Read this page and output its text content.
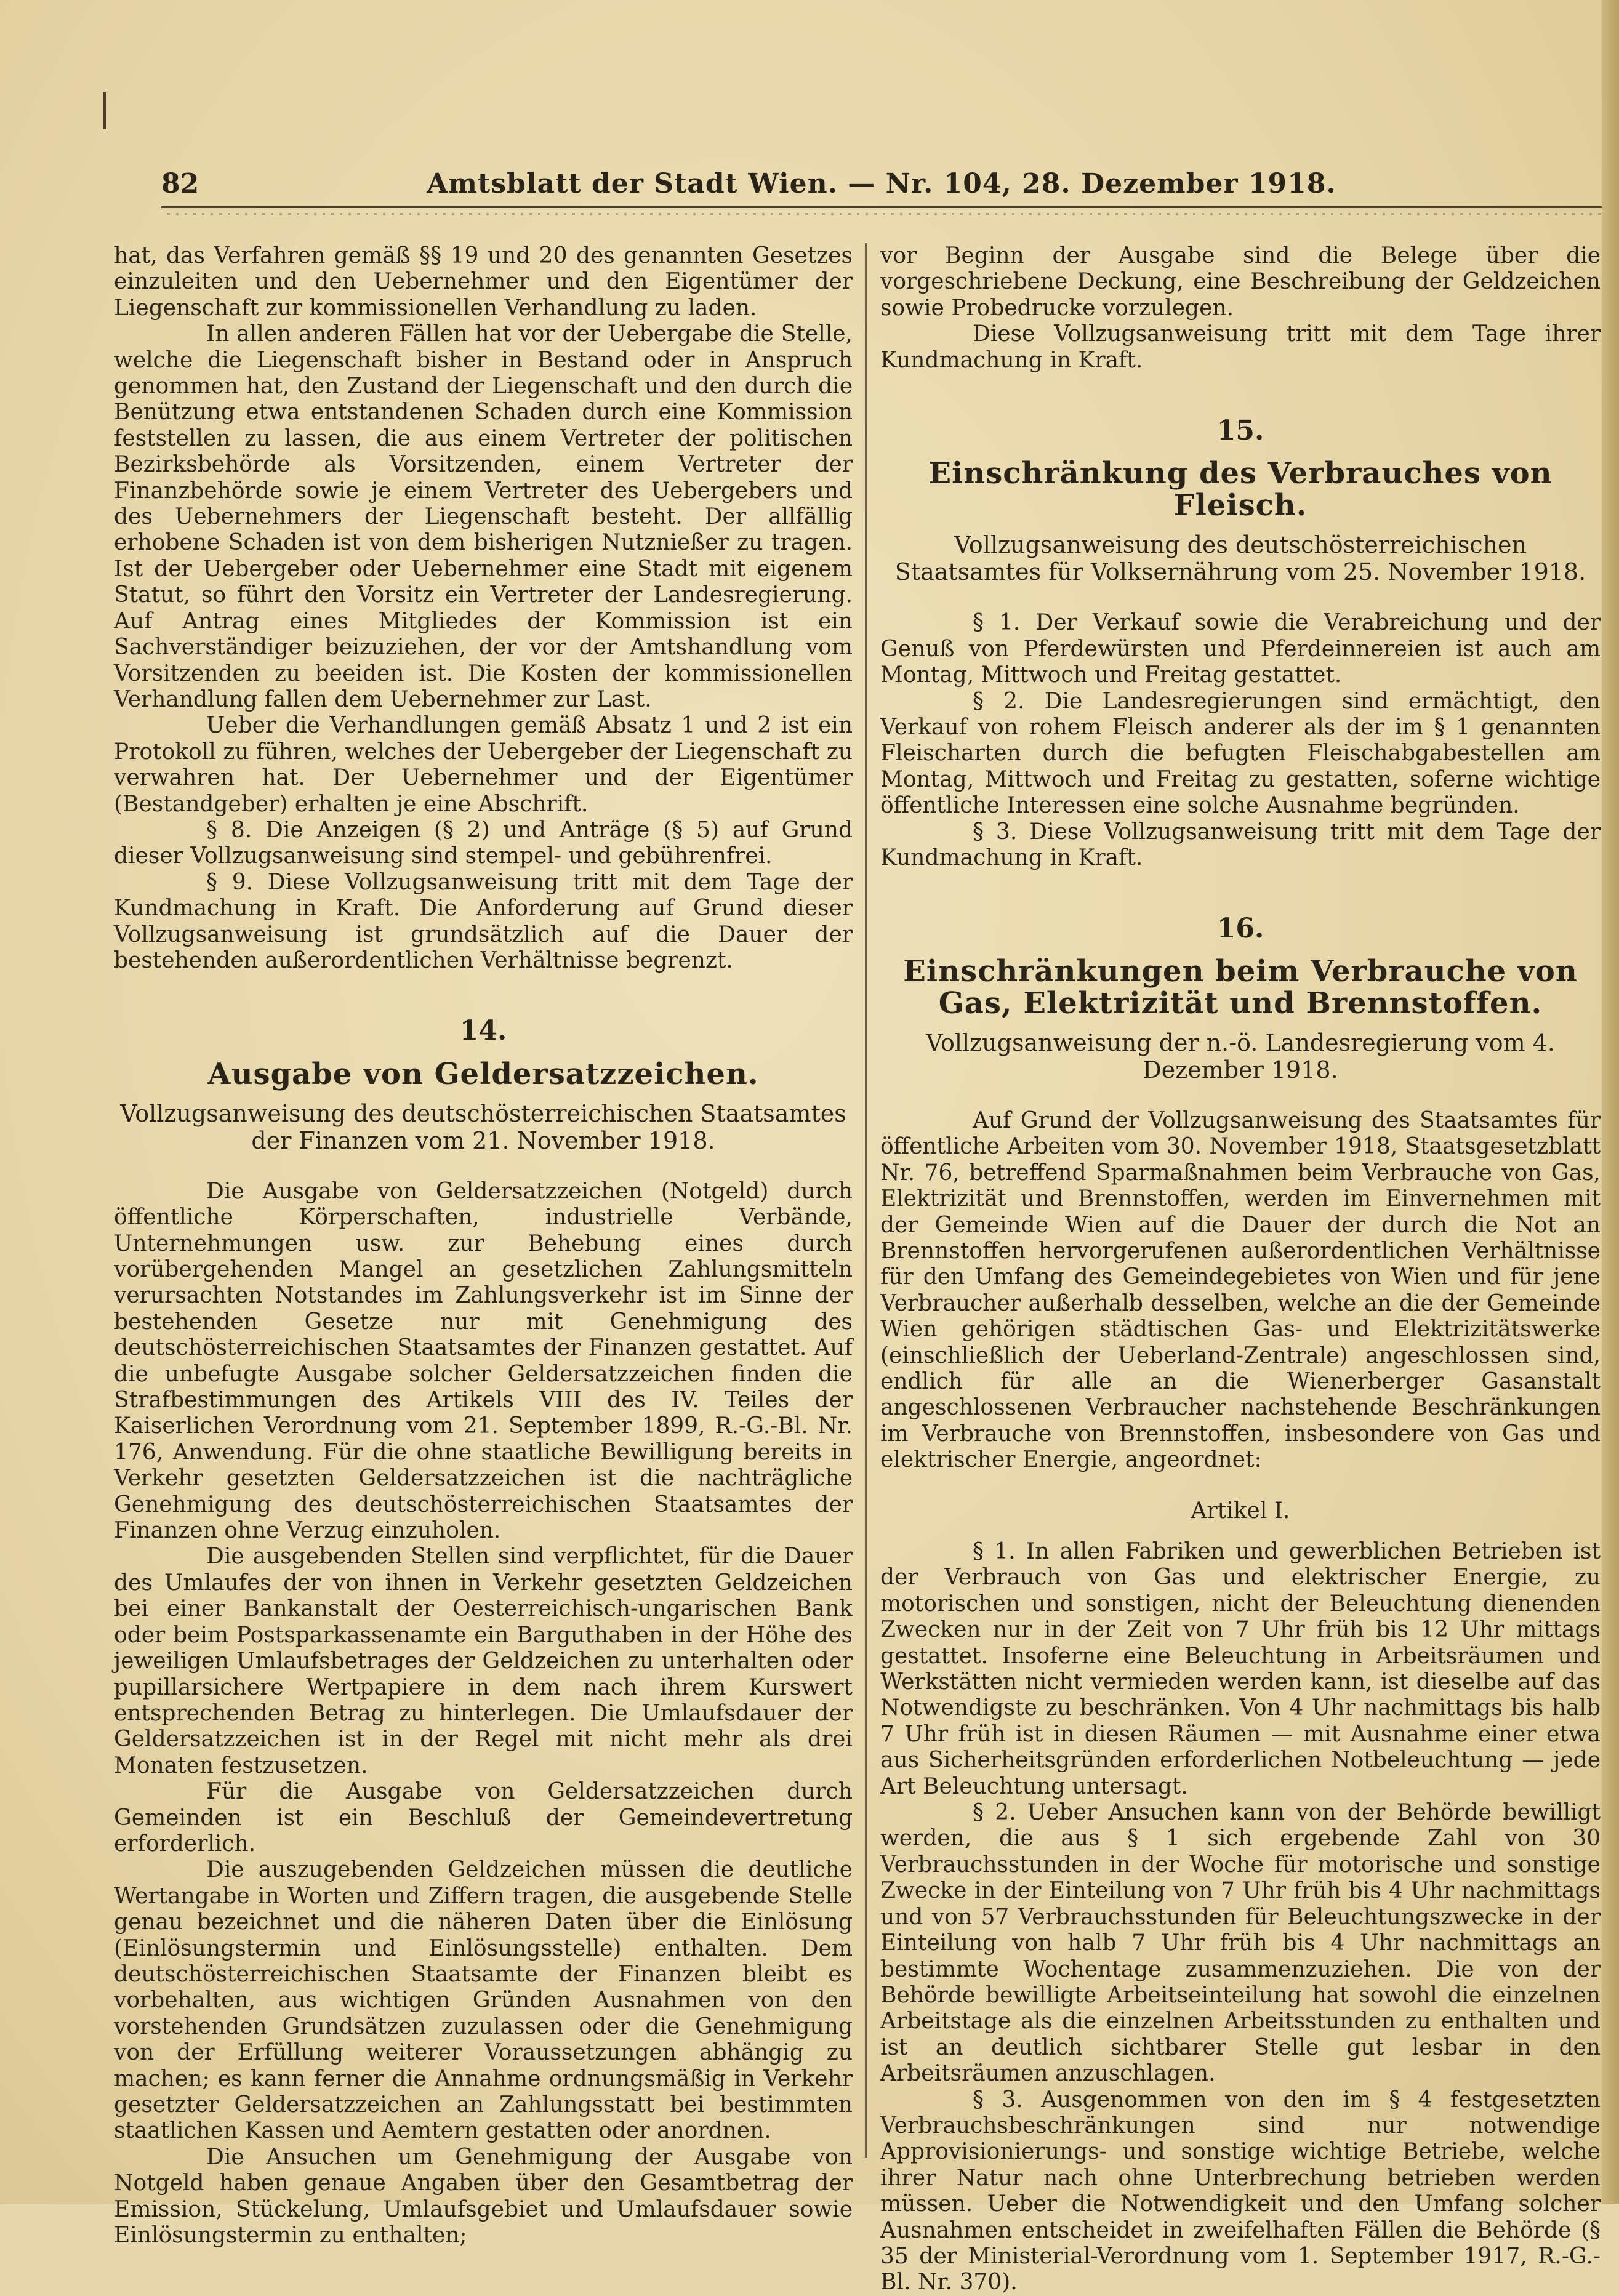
82	Amtsblatt der Stadt Wien. — Nr. 104, 28. Dezember 1918.

hat, das Verfahren gemäß §§ 19 und 20 des genannten Gesetzes einzuleiten und den Uebernehmer und den Eigentümer der Liegenschaft zur kommissionellen Verhandlung zu laden.

In allen anderen Fällen hat vor der Uebergabe die Stelle, welche die Liegenschaft bisher in Bestand oder in Anspruch genommen hat, den Zustand der Liegenschaft und den durch die Benützung etwa entstandenen Schaden durch eine Kommission feststellen zu lassen, die aus einem Vertreter der politischen Bezirksbehörde als Vorsitzenden, einem Vertreter der Finanzbehörde sowie je einem Vertreter des Uebergebers und des Uebernehmers der Liegenschaft besteht. Der allfällig erhobene Schaden ist von dem bisherigen Nutznießer zu tragen. Ist der Uebergeber oder Uebernehmer eine Stadt mit eigenem Statut, so führt den Vorsitz ein Vertreter der Landesregierung. Auf Antrag eines Mitgliedes der Kommission ist ein Sachverständiger beizuziehen, der vor der Amtshandlung vom Vorsitzenden zu beeiden ist. Die Kosten der kommissionellen Verhandlung fallen dem Uebernehmer zur Last.

Ueber die Verhandlungen gemäß Absatz 1 und 2 ist ein Protokoll zu führen, welches der Uebergeber der Liegenschaft zu verwahren hat. Der Uebernehmer und der Eigentümer (Bestandgeber) erhalten je eine Abschrift.

§ 8. Die Anzeigen (§ 2) und Anträge (§ 5) auf Grund dieser Vollzugsanweisung sind stempel- und gebührenfrei.

§ 9. Diese Vollzugsanweisung tritt mit dem Tage der Kundmachung in Kraft. Die Anforderung auf Grund dieser Vollzugsanweisung ist grundsätzlich auf die Dauer der bestehenden außerordentlichen Verhältnisse begrenzt.

14.
Ausgabe von Geldersatzzeichen.
Vollzugsanweisung des deutschösterreichischen Staatsamtes der Finanzen vom 21. November 1918.

Die Ausgabe von Geldersatzzeichen (Notgeld) durch öffentliche Körperschaften, industrielle Verbände, Unternehmungen usw. zur Behebung eines durch vorübergehenden Mangel an gesetzlichen Zahlungsmitteln verursachten Notstandes im Zahlungsverkehr ist im Sinne der bestehenden Gesetze nur mit Genehmigung des deutschösterreichischen Staatsamtes der Finanzen gestattet. Auf die unbefugte Ausgabe solcher Geldersatzzeichen finden die Strafbestimmungen des Artikels VIII des IV. Teiles der Kaiserlichen Verordnung vom 21. September 1899, R.-G.-Bl. Nr. 176, Anwendung. Für die ohne staatliche Bewilligung bereits in Verkehr gesetzten Geldersatzzeichen ist die nachträgliche Genehmigung des deutschösterreichischen Staatsamtes der Finanzen ohne Verzug einzuholen.

Die ausgebenden Stellen sind verpflichtet, für die Dauer des Umlaufes der von ihnen in Verkehr gesetzten Geldzeichen bei einer Bankanstalt der Oesterreichisch-ungarischen Bank oder beim Postsparkassenamte ein Barguthaben in der Höhe des jeweiligen Umlaufsbetrages der Geldzeichen zu unterhalten oder pupillarsichere Wertpapiere in dem nach ihrem Kurswert entsprechenden Betrag zu hinterlegen. Die Umlaufsdauer der Geldersatzzeichen ist in der Regel mit nicht mehr als drei Monaten festzusetzen.

Für die Ausgabe von Geldersatzzeichen durch Gemeinden ist ein Beschluß der Gemeindevertretung erforderlich.

Die auszugebenden Geldzeichen müssen die deutliche Wertangabe in Worten und Ziffern tragen, die ausgebende Stelle genau bezeichnet und die näheren Daten über die Einlösung (Einlösungstermin und Einlösungsstelle) enthalten. Dem deutschösterreichischen Staatsamte der Finanzen bleibt es vorbehalten, aus wichtigen Gründen Ausnahmen von den vorstehenden Grundsätzen zuzulassen oder die Genehmigung von der Erfüllung weiterer Voraussetzungen abhängig zu machen; es kann ferner die Annahme ordnungsmäßig in Verkehr gesetzter Geldersatzzeichen an Zahlungsstatt bei bestimmten staatlichen Kassen und Aemtern gestatten oder anordnen.

Die Ansuchen um Genehmigung der Ausgabe von Notgeld haben genaue Angaben über den Gesamtbetrag der Emission, Stückelung, Umlaufsgebiet und Umlaufsdauer sowie Einlösungstermin zu enthalten;

vor Beginn der Ausgabe sind die Belege über die vorgeschriebene Deckung, eine Beschreibung der Geldzeichen sowie Probedrucke vorzulegen.

Diese Vollzugsanweisung tritt mit dem Tage ihrer Kundmachung in Kraft.

15.
Einschränkung des Verbrauches von Fleisch.
Vollzugsanweisung des deutschösterreichischen Staatsamtes für Volksernährung vom 25. November 1918.

§ 1. Der Verkauf sowie die Verabreichung und der Genuß von Pferdewürsten und Pferdeinnereien ist auch am Montag, Mittwoch und Freitag gestattet.

§ 2. Die Landesregierungen sind ermächtigt, den Verkauf von rohem Fleisch anderer als der im § 1 genannten Fleischarten durch die befugten Fleischabgabestellen am Montag, Mittwoch und Freitag zu gestatten, soferne wichtige öffentliche Interessen eine solche Ausnahme begründen.

§ 3. Diese Vollzugsanweisung tritt mit dem Tage der Kundmachung in Kraft.

16.
Einschränkungen beim Verbrauche von Gas, Elektrizität und Brennstoffen.
Vollzugsanweisung der n.-ö. Landesregierung vom 4. Dezember 1918.

Auf Grund der Vollzugsanweisung des Staatsamtes für öffentliche Arbeiten vom 30. November 1918, Staatsgesetzblatt Nr. 76, betreffend Sparmaßnahmen beim Verbrauche von Gas, Elektrizität und Brennstoffen, werden im Einvernehmen mit der Gemeinde Wien auf die Dauer der durch die Not an Brennstoffen hervorgerufenen außerordentlichen Verhältnisse für den Umfang des Gemeindegebietes von Wien und für jene Verbraucher außerhalb desselben, welche an die der Gemeinde Wien gehörigen städtischen Gas- und Elektrizitätswerke (einschließlich der Ueberland-Zentrale) angeschlossen sind, endlich für alle an die Wienerberger Gasanstalt angeschlossenen Verbraucher nachstehende Beschränkungen im Verbrauche von Brennstoffen, insbesondere von Gas und elektrischer Energie, angeordnet:

Artikel I.

§ 1. In allen Fabriken und gewerblichen Betrieben ist der Verbrauch von Gas und elektrischer Energie, zu motorischen und sonstigen, nicht der Beleuchtung dienenden Zwecken nur in der Zeit von 7 Uhr früh bis 12 Uhr mittags gestattet. Insoferne eine Beleuchtung in Arbeitsräumen und Werkstätten nicht vermieden werden kann, ist dieselbe auf das Notwendigste zu beschränken. Von 4 Uhr nachmittags bis halb 7 Uhr früh ist in diesen Räumen — mit Ausnahme einer etwa aus Sicherheitsgründen erforderlichen Notbeleuchtung — jede Art Beleuchtung untersagt.

§ 2. Ueber Ansuchen kann von der Behörde bewilligt werden, die aus § 1 sich ergebende Zahl von 30 Verbrauchsstunden in der Woche für motorische und sonstige Zwecke in der Einteilung von 7 Uhr früh bis 4 Uhr nachmittags und von 57 Verbrauchsstunden für Beleuchtungszwecke in der Einteilung von halb 7 Uhr früh bis 4 Uhr nachmittags an bestimmte Wochentage zusammenzuziehen. Die von der Behörde bewilligte Arbeitseinteilung hat sowohl die einzelnen Arbeitstage als die einzelnen Arbeitsstunden zu enthalten und ist an deutlich sichtbarer Stelle gut lesbar in den Arbeitsräumen anzuschlagen.

§ 3. Ausgenommen von den im § 4 festgesetzten Verbrauchsbeschränkungen sind nur notwendige Approvisionierungs- und sonstige wichtige Betriebe, welche ihrer Natur nach ohne Unterbrechung betrieben werden müssen. Ueber die Notwendigkeit und den Umfang solcher Ausnahmen entscheidet in zweifelhaften Fällen die Behörde (§ 35 der Ministerial-Verordnung vom 1. September 1917, R.-G.-Bl. Nr. 370).
